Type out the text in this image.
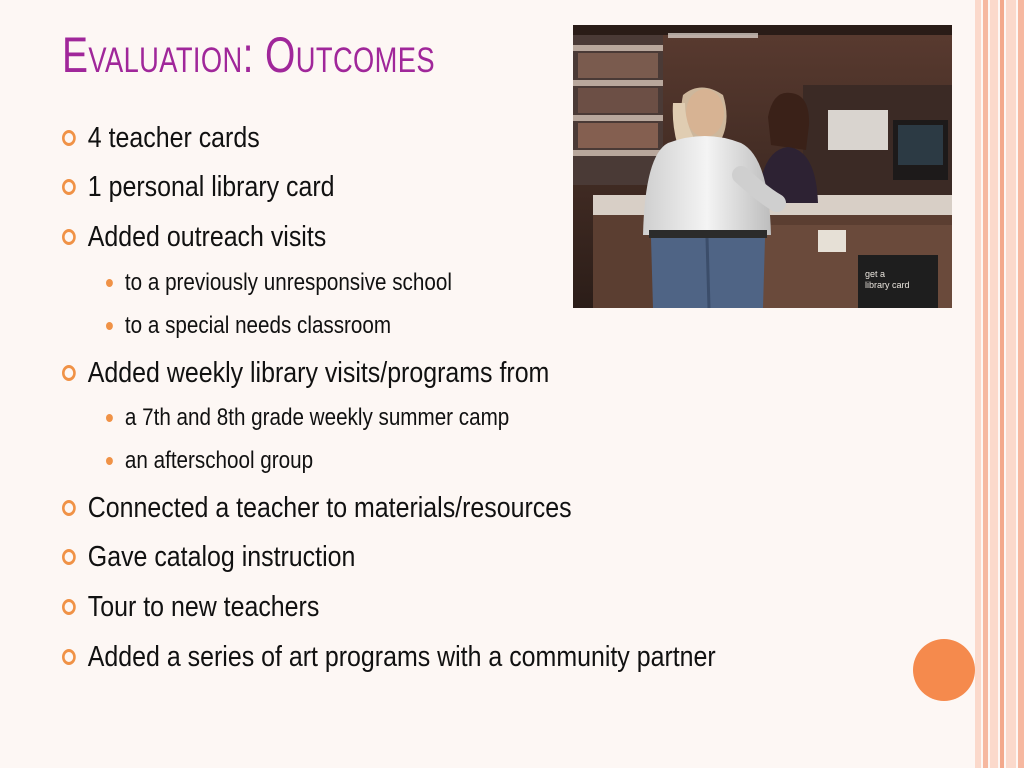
Evaluation: Outcomes
4 teacher cards
1 personal library card
Added outreach visits
to a previously unresponsive school
to a special needs classroom
Added weekly library visits/programs from
a 7th and 8th grade weekly summer camp
an afterschool group
Connected a teacher to materials/resources
Gave catalog instruction
Tour to new teachers
Added a series of art programs with a community partner
get a library card
